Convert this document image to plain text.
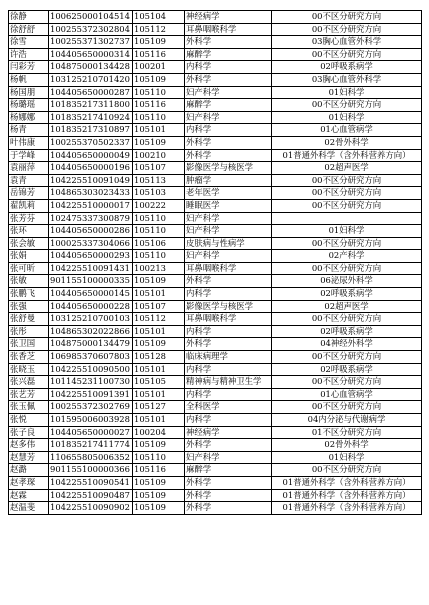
徐静	100625000104514	105104	神经病学	00不区分研究方向
徐舒舒	100255372302804	105112	耳鼻咽喉科学	00不区分研究方向
徐雪	100255371302737	105109	外科学	03胸心血管外科学
许浩	104405650000314	105116	麻醉学	00不区分研究方向
闫彩芳	104875000134428	100201	内科学	02呼吸系病学
杨帆	103125210701420	105109	外科学	03胸心血管外科学
杨国朋	104405650000287	105110	妇产科学	01妇科学
杨璐瑶	101835217311800	105116	麻醉学	00不区分研究方向
杨娜娜	101835217410924	105110	妇产科学	01妇科学
杨青	101835217310897	105101	内科学	01心血管病学
叶伟康	100255370502337	105109	外科学	02骨外科学
于学峰	104405650000049	100210	外科学	01普通外科学（含外科营养方向）
袁丽萍	104405650000196	105107	影像医学与核医学	02超声医学
袁青	104225510091049	105113	肿瘤学	00不区分研究方向
岳锦芳	104865303023433	105103	老年医学	00不区分研究方向
翟凯莉	104225510000017	100222	睡眠医学	00不区分研究方向
张芳芬	102475337300879	105110	妇产科学	
张环	104405650000286	105110	妇产科学	01妇科学
张会敏	100025337304066	105106	皮肤病与性病学	00不区分研究方向
张娟	104405650000293	105110	妇产科学	02产科学
张可昕	104225510091431	100213	耳鼻咽喉科学	00不区分研究方向
张敏	901155100000335	105109	外科学	06泌尿外科学
张鹏飞	104405650000145	105101	内科学	02呼吸系病学
张强	104405650000228	105107	影像医学与核医学	02超声医学
张舒曼	103125210700103	105112	耳鼻咽喉科学	00不区分研究方向
张彤	104865302022866	105101	内科学	02呼吸系病学
张卫国	104875000134479	105109	外科学	04神经外科学
张香芝	106985370607803	105128	临床病理学	00不区分研究方向
张晓玉	104225510090500	105101	内科学	02呼吸系病学
张兴磊	101145231100730	105105	精神病与精神卫生学	00不区分研究方向
张艺芳	104225510091391	105101	内科学	01心血管病学
张玉佩	100255372302769	105127	全科医学	00不区分研究方向
张悦	101595006003928	105101	内科学	04内分泌与代谢病学
张子良	104405650000027	100204	神经病学	01不区分研究方向
赵多伟	101835217411774	105109	外科学	02骨外科学
赵慧芳	110655805006352	105110	妇产科学	01妇科学
赵潞	901155100000366	105116	麻醉学	00不区分研究方向
赵孝琛	104225510090541	105109	外科学	01普通外科学（含外科营养方向）
赵霖	104225510090487	105109	外科学	01普通外科学（含外科营养方向）
赵温斐	104225510090902	105109	外科学	01普通外科学（含外科营养方向）
